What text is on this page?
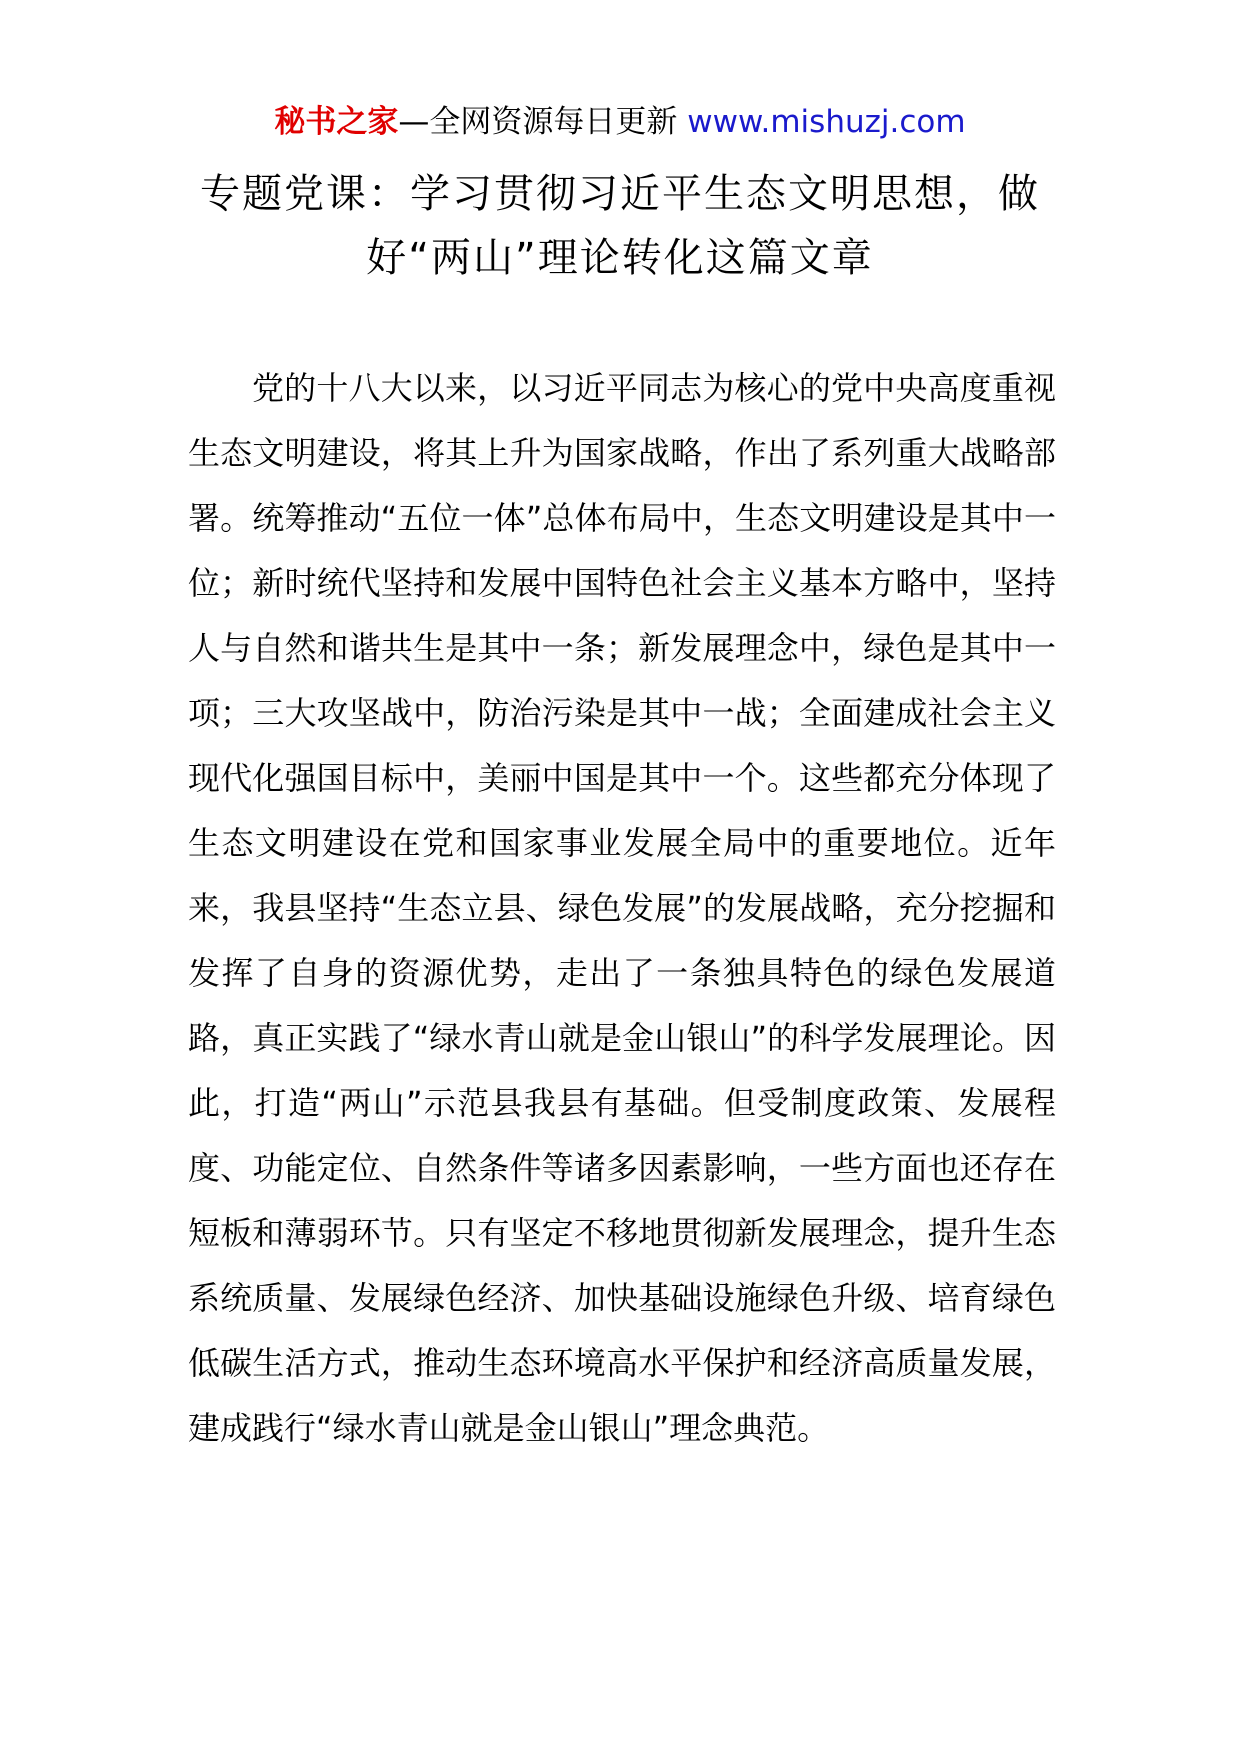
秘书之家—全网资源每日更新 www.mishuzj.com
专题党课：学习贯彻习近平生态文明思想，做好“两山”理论转化这篇文章

党的十八大以来，以习近平同志为核心的党中央高度重视生态文明建设，将其上升为国家战略，作出了系列重大战略部署。统筹推动“五位一体”总体布局中，生态文明建设是其中一位；新时统代坚持和发展中国特色社会主义基本方略中，坚持人与自然和谐共生是其中一条；新发展理念中，绿色是其中一项；三大攻坚战中，防治污染是其中一战；全面建成社会主义现代化强国目标中，美丽中国是其中一个。这些都充分体现了生态文明建设在党和国家事业发展全局中的重要地位。近年来，我县坚持“生态立县、绿色发展”的发展战略，充分挖掘和发挥了自身的资源优势，走出了一条独具特色的绿色发展道路，真正实践了“绿水青山就是金山银山”的科学发展理论。因此，打造“两山”示范县我县有基础。但受制度政策、发展程度、功能定位、自然条件等诸多因素影响，一些方面也还存在短板和薄弱环节。只有坚定不移地贯彻新发展理念，提升生态系统质量、发展绿色经济、加快基础设施绿色升级、培育绿色低碳生活方式，推动生态环境高水平保护和经济高质量发展，建成践行“绿水青山就是金山银山”理念典范。
